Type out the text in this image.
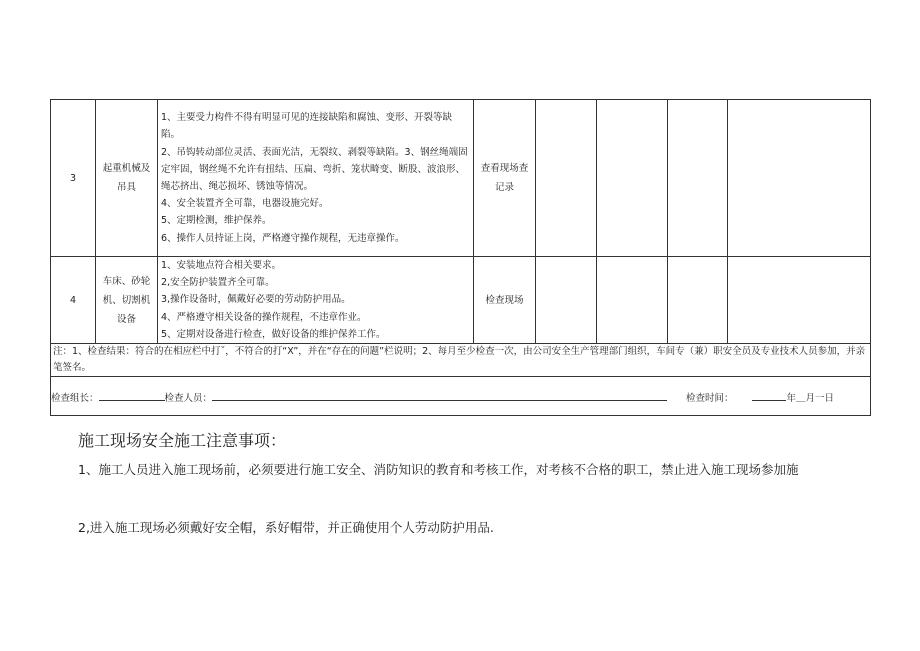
3	起重机械及吊具	1、主要受力构件不得有明显可见的连接缺陷和腐蚀、变形、开裂等缺陷。
2、吊钩转动部位灵活、表面光洁，无裂纹、剥裂等缺陷。3、钢丝绳端固定牢固，钢丝绳不允许有扭结、压扁、弯折、笼状畸变、断股、波浪形、绳芯挤出、绳芯损坏、锈蚀等情况。
4、安全装置齐全可靠，电器设施完好。
5、定期检测，维护保养。
6、操作人员持证上岗，严格遵守操作规程，无违章操作。	查看现场查记录				
4	车床、砂轮机、切割机设备	1、安装地点符合相关要求。
2,安全防护装置齐全可靠。
3,操作设备时，佩戴好必要的劳动防护用品。
4、严格遵守相关设备的操作规程，不违章作业。
5、定期对设备进行检查，做好设备的维护保养工作。	检查现场				
注：1、检查结果：符合的在相应栏中打˘，不符合的打“X”，并在“存在的问题”栏说明；2、每月至少检查一次，由公司安全生产管理部门组织，车间专（兼）职安全员及专业技术人员参加，并亲笔签名。							

检查组长： 检查人员： 检查时间： 年＿月一日							

施工现场安全施工注意事项：

1、施工人员进入施工现场前，必须要进行施工安全、消防知识的教育和考核工作，对考核不合格的职工，禁止进入施工现场参加施

2,进入施工现场必须戴好安全帽，系好帽带，并正确使用个人劳动防护用品.
